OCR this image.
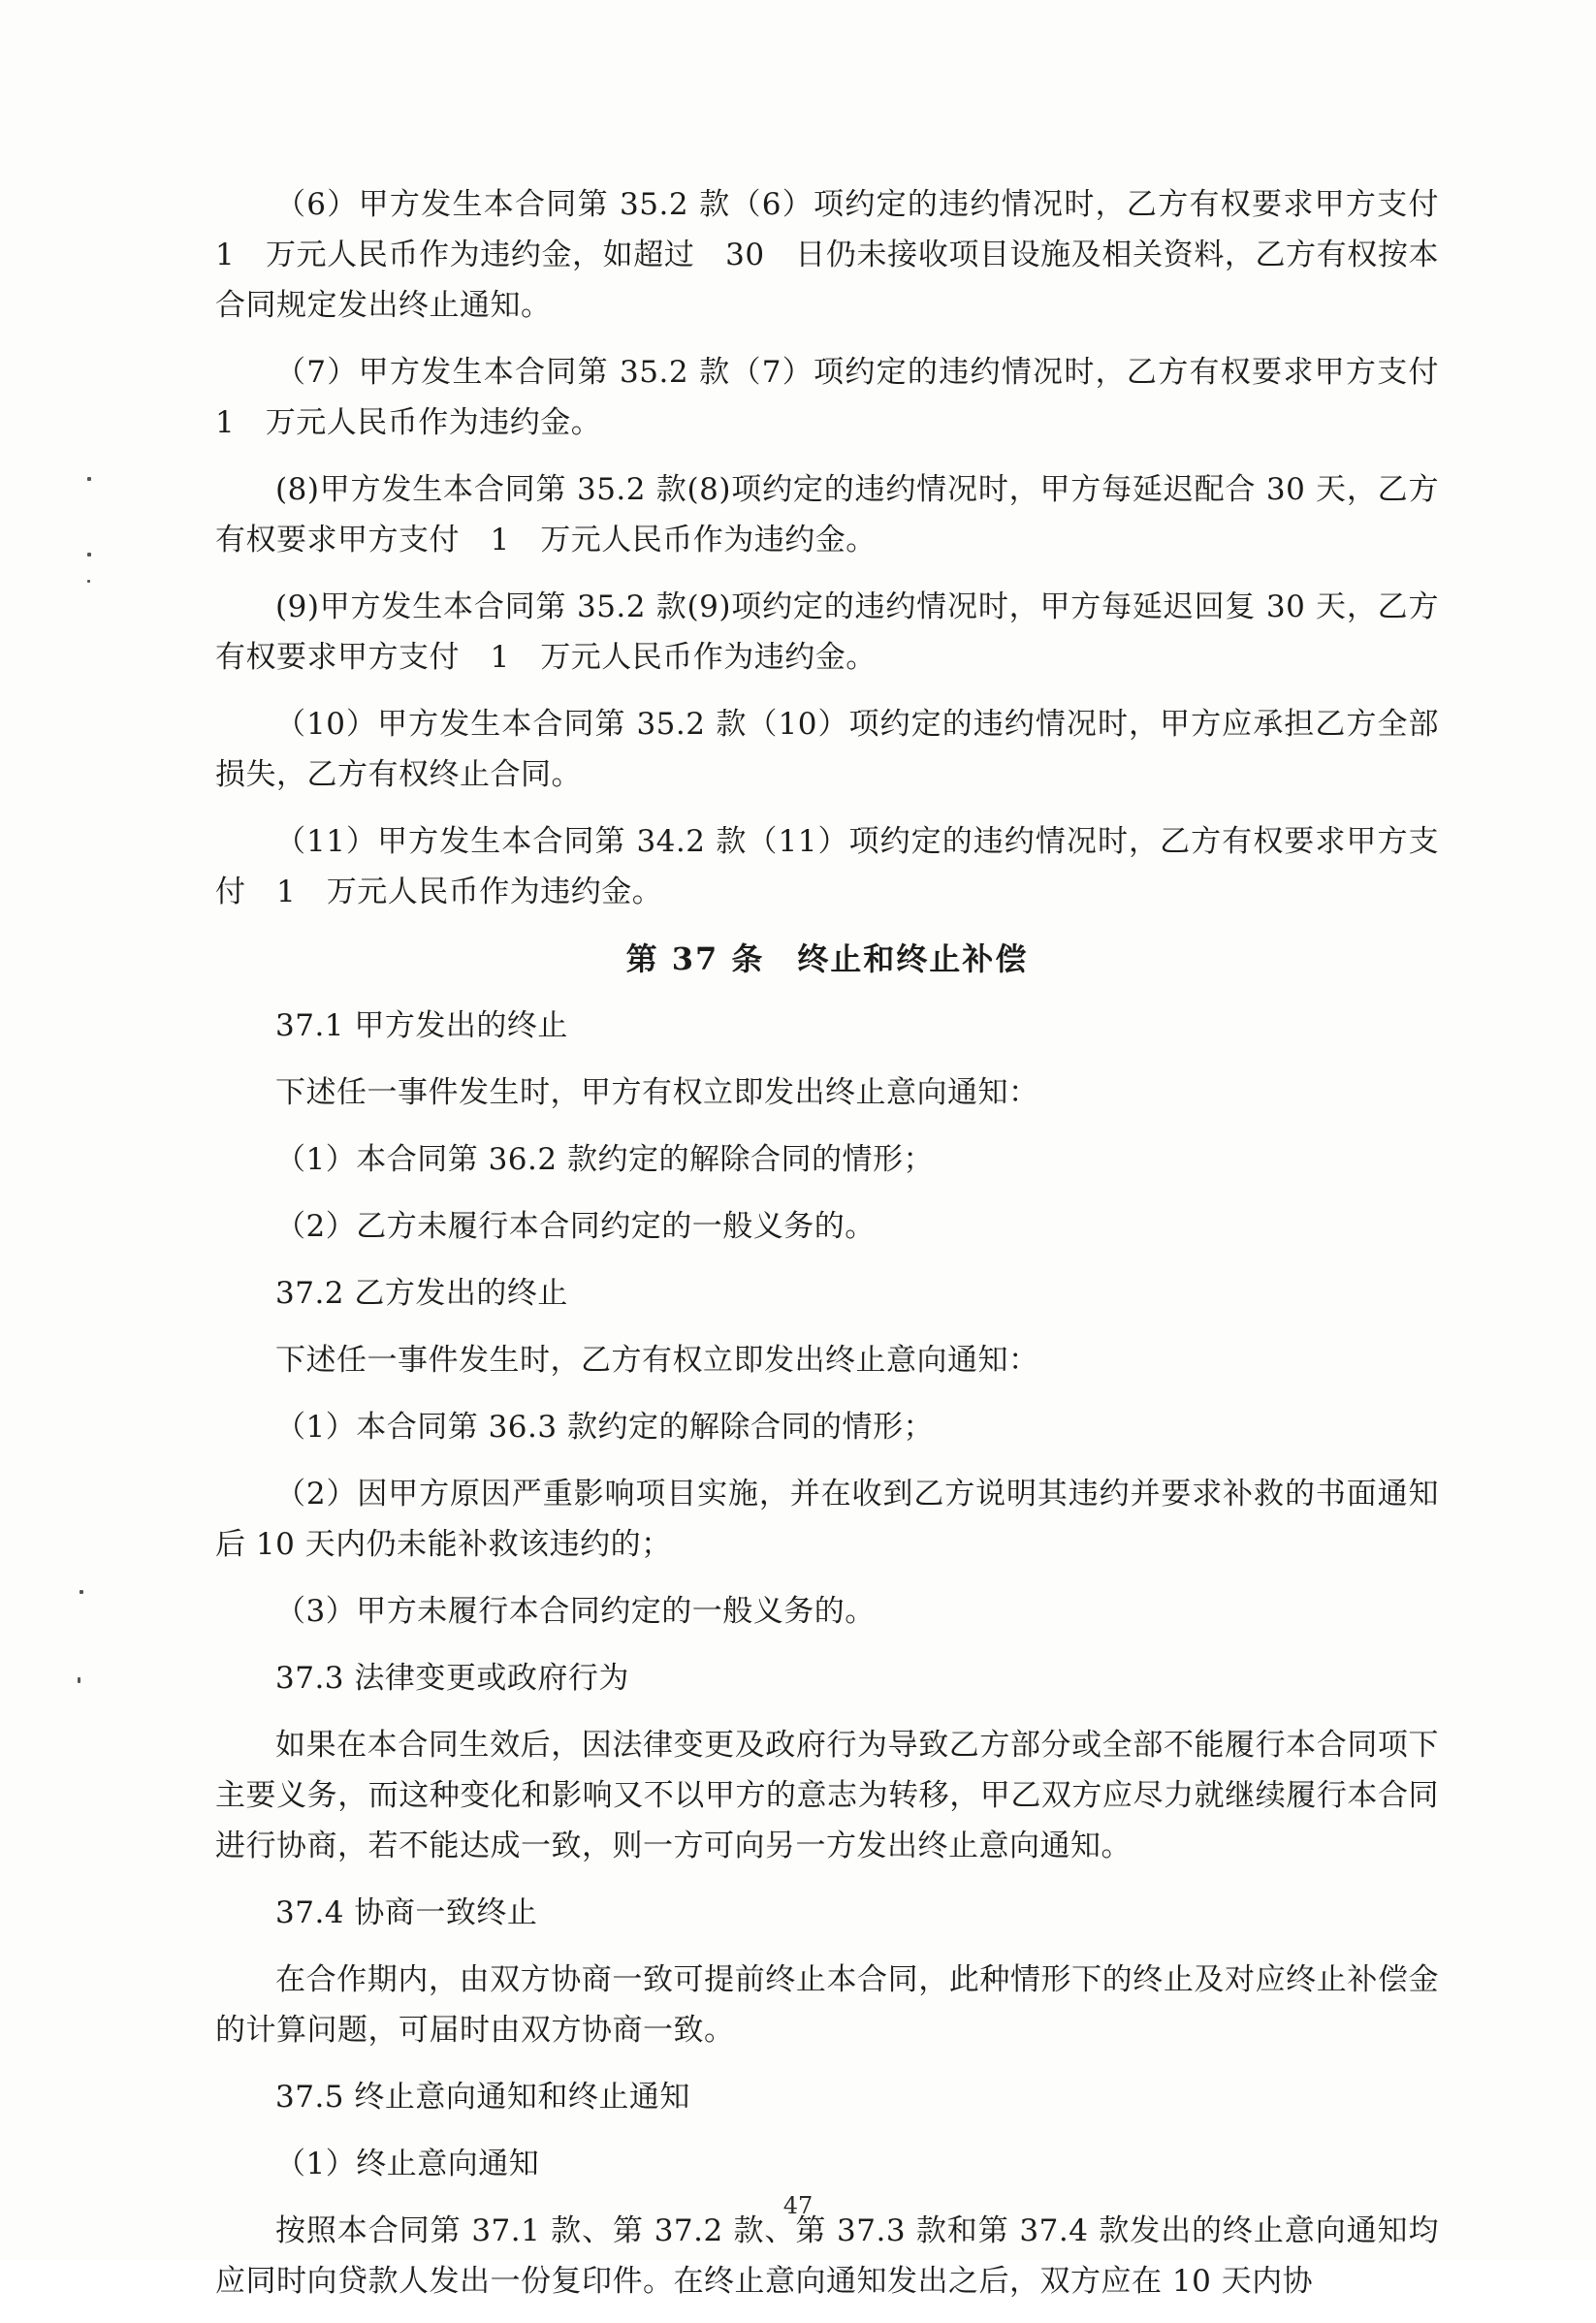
（6）甲方发生本合同第 35.2 款（6）项约定的违约情况时，乙方有权要求甲方支付　1　万元人民币作为违约金，如超过　30　日仍未接收项目设施及相关资料，乙方有权按本合同规定发出终止通知。

（7）甲方发生本合同第 35.2 款（7）项约定的违约情况时，乙方有权要求甲方支付　1　万元人民币作为违约金。

(8)甲方发生本合同第 35.2 款(8)项约定的违约情况时，甲方每延迟配合 30 天，乙方有权要求甲方支付　1　万元人民币作为违约金。

(9)甲方发生本合同第 35.2 款(9)项约定的违约情况时，甲方每延迟回复 30 天，乙方有权要求甲方支付　1　万元人民币作为违约金。

（10）甲方发生本合同第 35.2 款（10）项约定的违约情况时，甲方应承担乙方全部损失，乙方有权终止合同。

（11）甲方发生本合同第 34.2 款（11）项约定的违约情况时，乙方有权要求甲方支付　1　万元人民币作为违约金。

第 37 条　终止和终止补偿

37.1 甲方发出的终止

下述任一事件发生时，甲方有权立即发出终止意向通知：

（1）本合同第 36.2 款约定的解除合同的情形；

（2）乙方未履行本合同约定的一般义务的。

37.2 乙方发出的终止

下述任一事件发生时，乙方有权立即发出终止意向通知：

（1）本合同第 36.3 款约定的解除合同的情形；

（2）因甲方原因严重影响项目实施，并在收到乙方说明其违约并要求补救的书面通知后 10 天内仍未能补救该违约的；

（3）甲方未履行本合同约定的一般义务的。

37.3 法律变更或政府行为

如果在本合同生效后，因法律变更及政府行为导致乙方部分或全部不能履行本合同项下主要义务，而这种变化和影响又不以甲方的意志为转移，甲乙双方应尽力就继续履行本合同进行协商，若不能达成一致，则一方可向另一方发出终止意向通知。

37.4 协商一致终止

在合作期内，由双方协商一致可提前终止本合同，此种情形下的终止及对应终止补偿金的计算问题，可届时由双方协商一致。

37.5 终止意向通知和终止通知

（1）终止意向通知

按照本合同第 37.1 款、第 37.2 款、第 37.3 款和第 37.4 款发出的终止意向通知均应同时向贷款人发出一份复印件。在终止意向通知发出之后，双方应在 10 天内协

47
